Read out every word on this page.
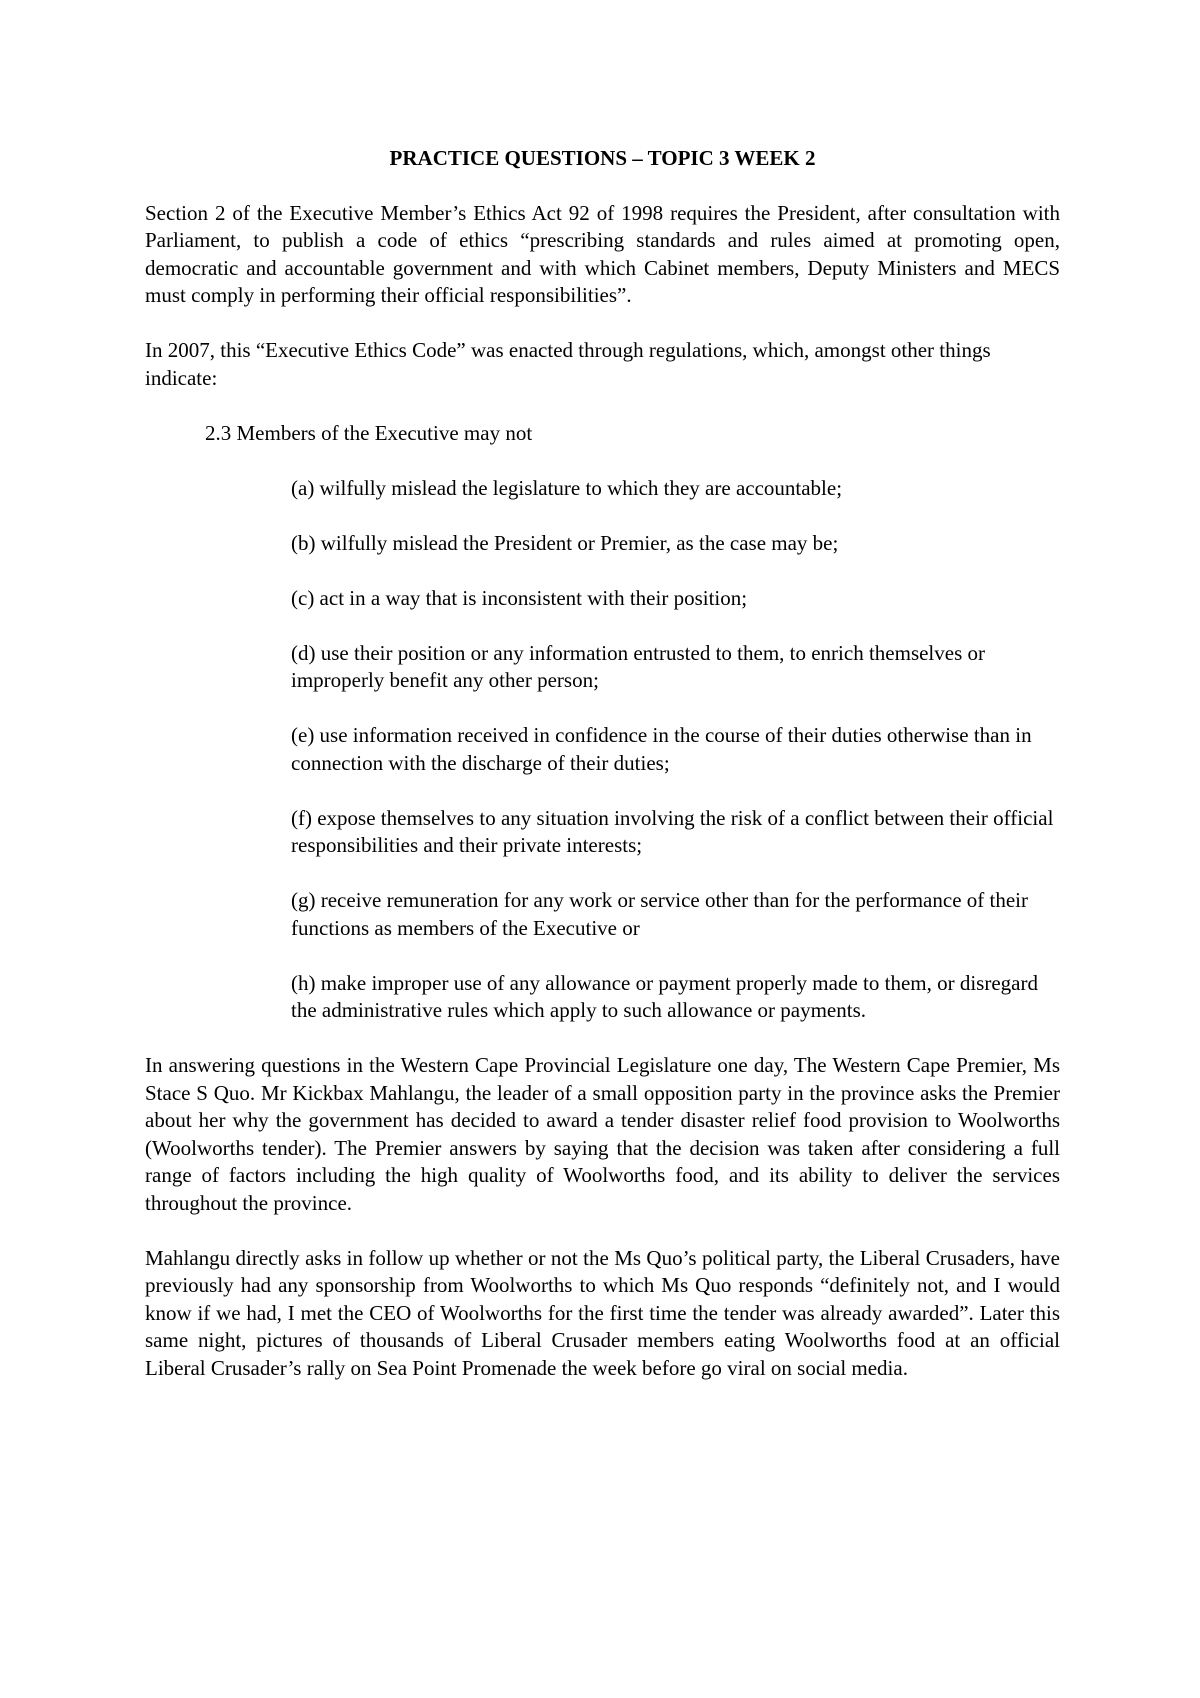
PRACTICE QUESTIONS – TOPIC 3 WEEK 2

Section 2 of the Executive Member’s Ethics Act 92 of 1998 requires the President, after consultation with Parliament, to publish a code of ethics “prescribing standards and rules aimed at promoting open, democratic and accountable government and with which Cabinet members, Deputy Ministers and MECS must comply in performing their official responsibilities”.

In 2007, this “Executive Ethics Code” was enacted through regulations, which, amongst other things indicate:

2.3 Members of the Executive may not

(a) wilfully mislead the legislature to which they are accountable;

(b) wilfully mislead the President or Premier, as the case may be;

(c) act in a way that is inconsistent with their position;

(d) use their position or any information entrusted to them, to enrich themselves or improperly benefit any other person;

(e) use information received in confidence in the course of their duties otherwise than in connection with the discharge of their duties;

(f) expose themselves to any situation involving the risk of a conflict between their official responsibilities and their private interests;

(g) receive remuneration for any work or service other than for the performance of their functions as members of the Executive or

(h) make improper use of any allowance or payment properly made to them, or disregard the administrative rules which apply to such allowance or payments.

In answering questions in the Western Cape Provincial Legislature one day, The Western Cape Premier, Ms Stace S Quo. Mr Kickbax Mahlangu, the leader of a small opposition party in the province asks the Premier about her why the government has decided to award a tender disaster relief food provision to Woolworths (Woolworths tender). The Premier answers by saying that the decision was taken after considering a full range of factors including the high quality of Woolworths food, and its ability to deliver the services throughout the province.

Mahlangu directly asks in follow up whether or not the Ms Quo’s political party, the Liberal Crusaders, have previously had any sponsorship from Woolworths to which Ms Quo responds “definitely not, and I would know if we had, I met the CEO of Woolworths for the first time the tender was already awarded”. Later this same night, pictures of thousands of Liberal Crusader members eating Woolworths food at an official Liberal Crusader’s rally on Sea Point Promenade the week before go viral on social media.
